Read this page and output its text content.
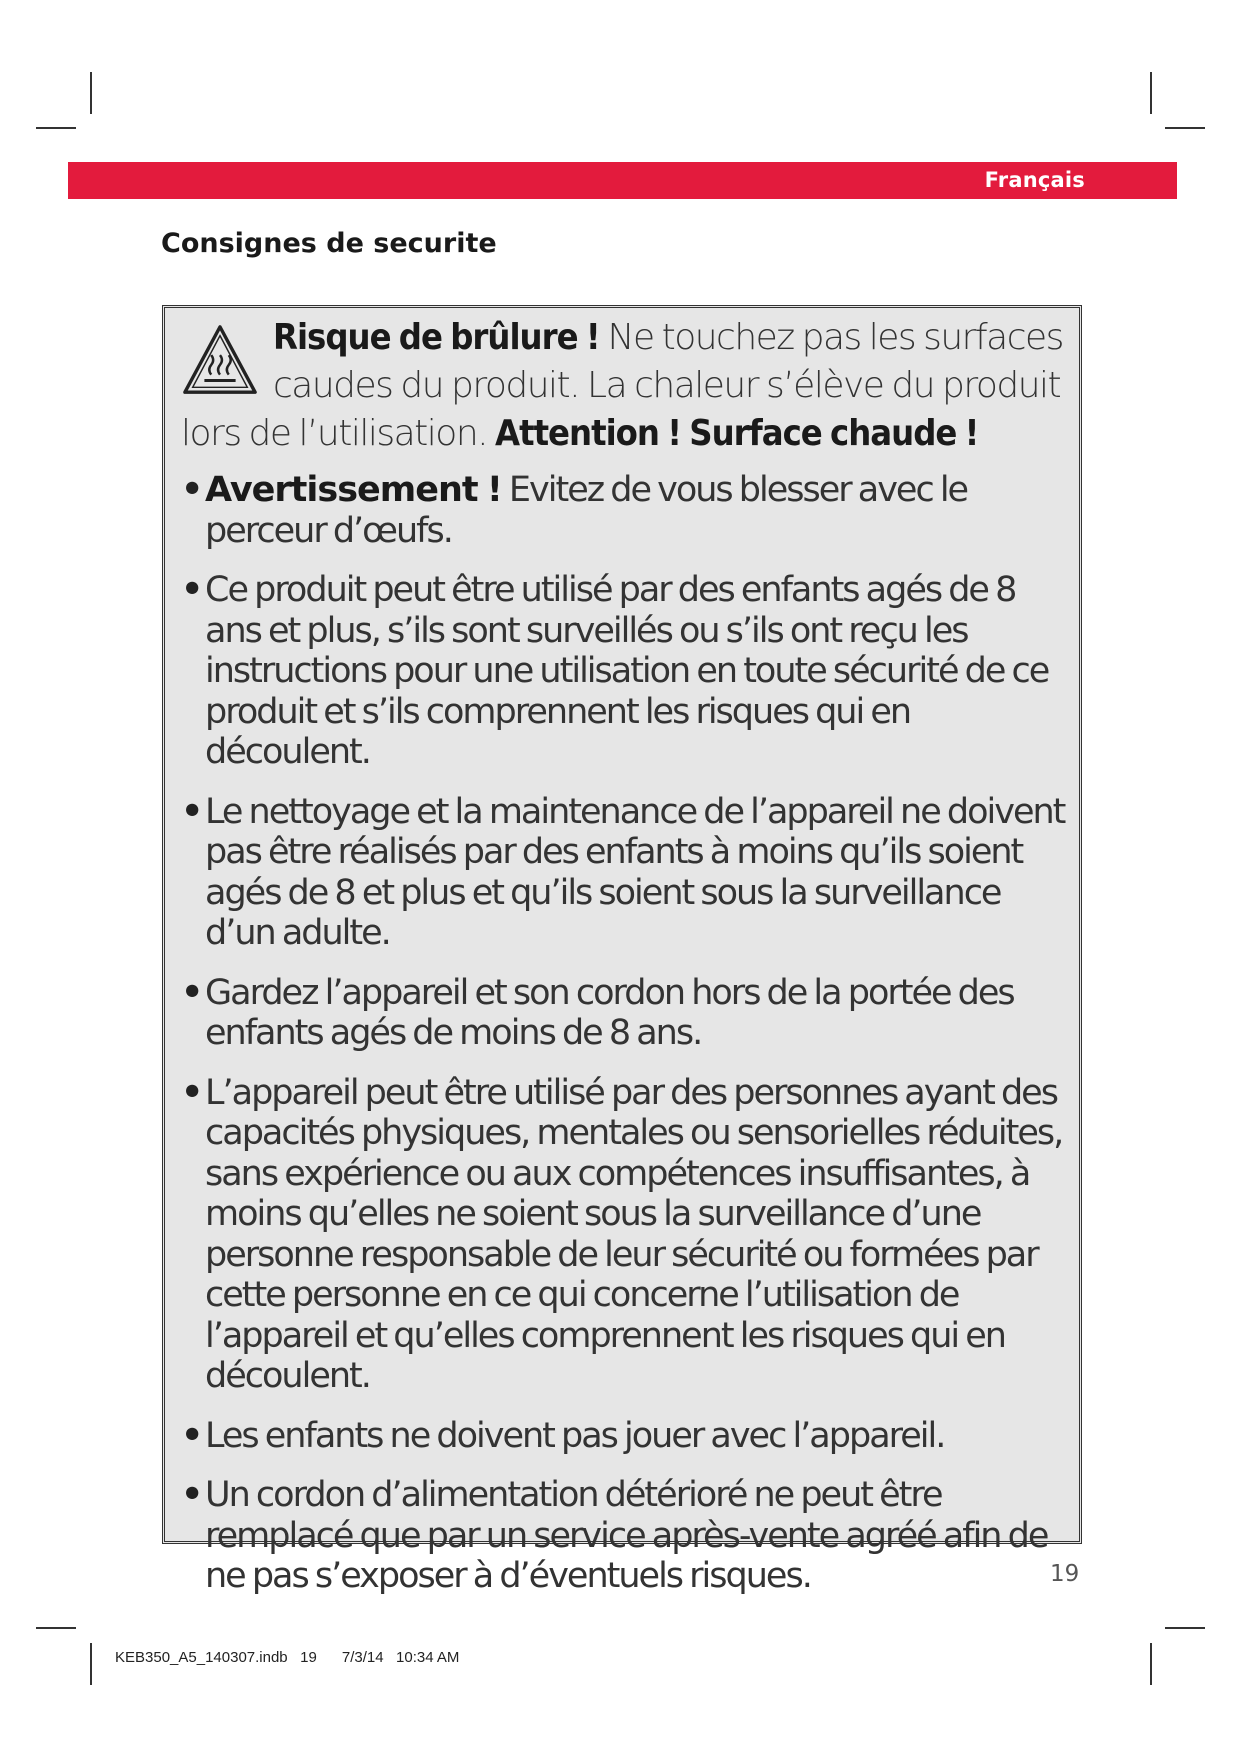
Français
Consignes de securite
Risque de brûlure ! Ne touchez pas les surfaces caudes du produit. La chaleur s’élève du produit lors de l’utilisation. Attention ! Surface chaude !
• Avertissement ! Evitez de vous blesser avec le perceur d’œufs.
• Ce produit peut être utilisé par des enfants agés de 8 ans et plus, s’ils sont surveillés ou s’ils ont reçu les instructions pour une utilisation en toute sécurité de ce produit et s’ils comprennent les risques qui en découlent.
• Le nettoyage et la maintenance de l’appareil ne doivent pas être réalisés par des enfants à moins qu’ils soient agés de 8 et plus et qu’ils soient sous la surveillance d’un adulte.
• Gardez l’appareil et son cordon hors de la portée des enfants agés de moins de 8 ans.
• L’appareil peut être utilisé par des personnes ayant des capacités physiques, mentales ou sensorielles réduites, sans expérience ou aux compétences insuffisantes, à moins qu’elles ne soient sous la surveillance d’une personne responsable de leur sécurité ou formées par cette personne en ce qui concerne l’utilisation de l’appareil et qu’elles comprennent les risques qui en découlent.
• Les enfants ne doivent pas jouer avec l’appareil.
• Un cordon d’alimentation détérioré ne peut être remplacé que par un service après-vente agréé afin de ne pas s’exposer à d’éventuels risques.	19
KEB350_A5_140307.indb   19      7/3/14   10:34 AM
